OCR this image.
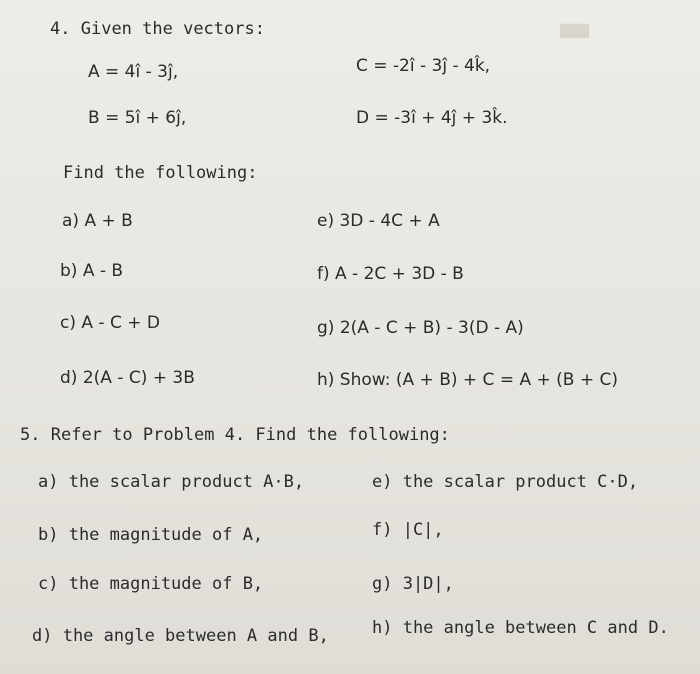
████
4. Given the vectors:
A = 4î - 3ĵ,
B = 5î + 6ĵ,
C = -2î - 3ĵ - 4k̂,
D = -3î + 4ĵ + 3k̂.
Find the following:
a) A + B
b) A - B
c) A - C + D
d) 2(A - C) + 3B
e) 3D - 4C + A
f) A - 2C + 3D - B
g) 2(A - C + B) - 3(D - A)
h) Show: (A + B) + C = A + (B + C)
5. Refer to Problem 4. Find the following:
a) the scalar product A·B,
b) the magnitude of A,
c) the magnitude of B,
d) the angle between A and B,
e) the scalar product C·D,
f) |C|,
g) 3|D|,
h) the angle between C and D.
